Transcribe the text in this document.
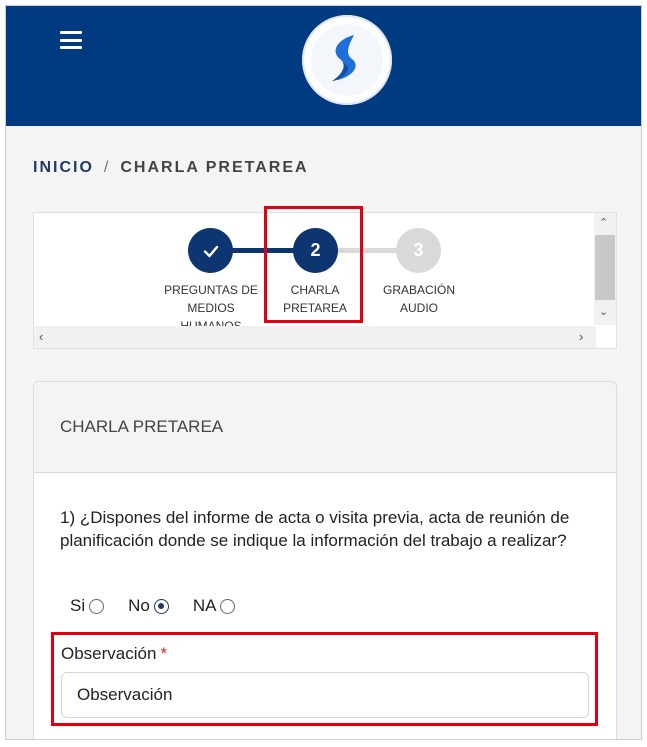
INICIO / CHARLA PRETAREA
2	3
PREGUNTAS DE
MEDIOS
CHARLA
PRETAREA
GRABACIÓN
AUDIO
⌃
⌄
‹	›
CHARLA PRETAREA
1) ¿Dispones del informe de acta o visita previa, acta de reunión de planificación donde se indique la información del trabajo a realizar?
Si	No	NA
Observación *
Observación
